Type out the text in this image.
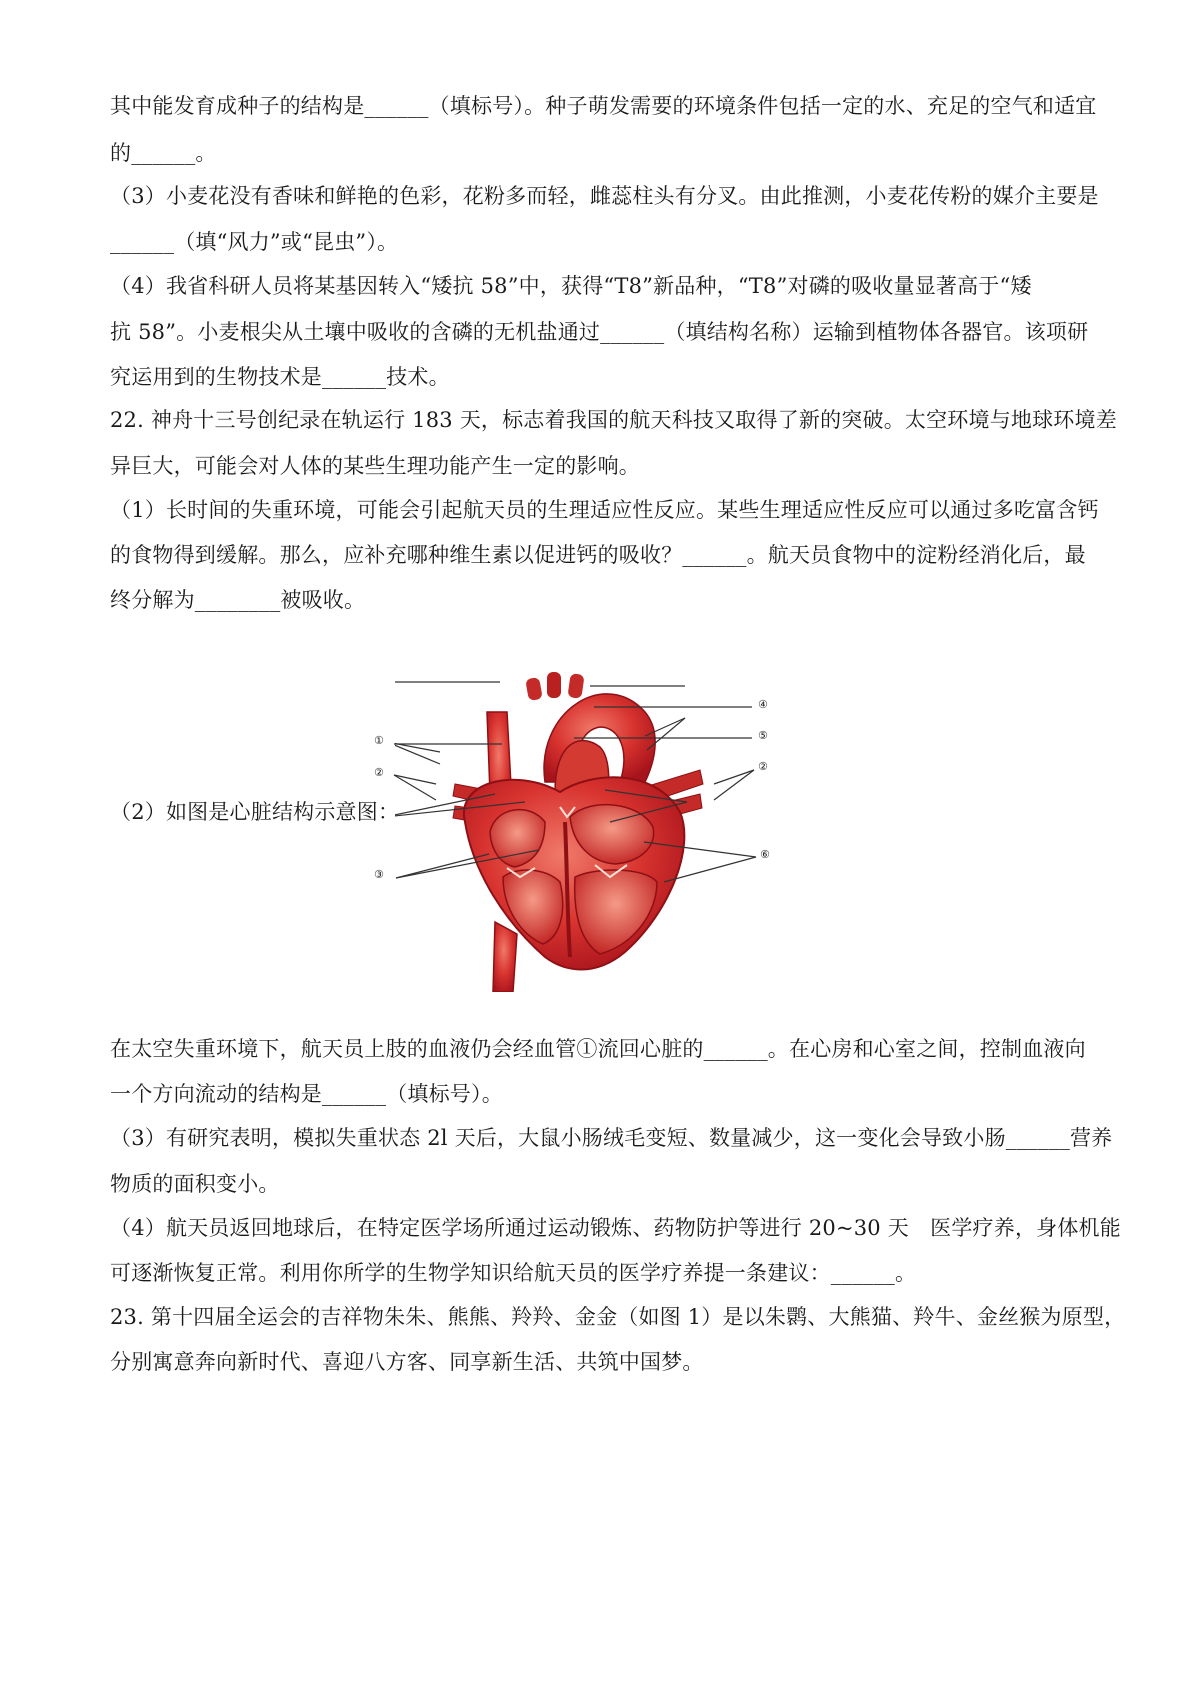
其中能发育成种子的结构是______（填标号）。种子萌发需要的环境条件包括一定的水、充足的空气和适宜
的______。
（3）小麦花没有香味和鲜艳的色彩，花粉多而轻，雌蕊柱头有分叉。由此推测，小麦花传粉的媒介主要是
______（填“风力”或“昆虫”）。
（4）我省科研人员将某基因转入“矮抗 58”中，获得“T8”新品种，“T8”对磷的吸收量显著高于“矮
抗 58”。小麦根尖从土壤中吸收的含磷的无机盐通过______（填结构名称）运输到植物体各器官。该项研
究运用到的生物技术是______技术。
22. 神舟十三号创纪录在轨运行 183 天，标志着我国的航天科技又取得了新的突破。太空环境与地球环境差
异巨大，可能会对人体的某些生理功能产生一定的影响。
（1）长时间的失重环境，可能会引起航天员的生理适应性反应。某些生理适应性反应可以通过多吃富含钙
的食物得到缓解。那么，应补充哪种维生素以促进钙的吸收？______。航天员食物中的淀粉经消化后，最
终分解为________被吸收。
（2）如图是心脏结构示意图：
①
②	②
③
④
⑤
⑥
在太空失重环境下，航天员上肢的血液仍会经血管①流回心脏的______。在心房和心室之间，控制血液向
一个方向流动的结构是______（填标号）。
（3）有研究表明，模拟失重状态 2l 天后，大鼠小肠绒毛变短、数量减少，这一变化会导致小肠______营养
物质的面积变小。
（4）航天员返回地球后，在特定医学场所通过运动锻炼、药物防护等进行 20~30 天　医学疗养，身体机能
可逐渐恢复正常。利用你所学的生物学知识给航天员的医学疗养提一条建议：______。
23. 第十四届全运会的吉祥物朱朱、熊熊、羚羚、金金（如图 1）是以朱鹮、大熊猫、羚牛、金丝猴为原型，
分别寓意奔向新时代、喜迎八方客、同享新生活、共筑中国梦。
